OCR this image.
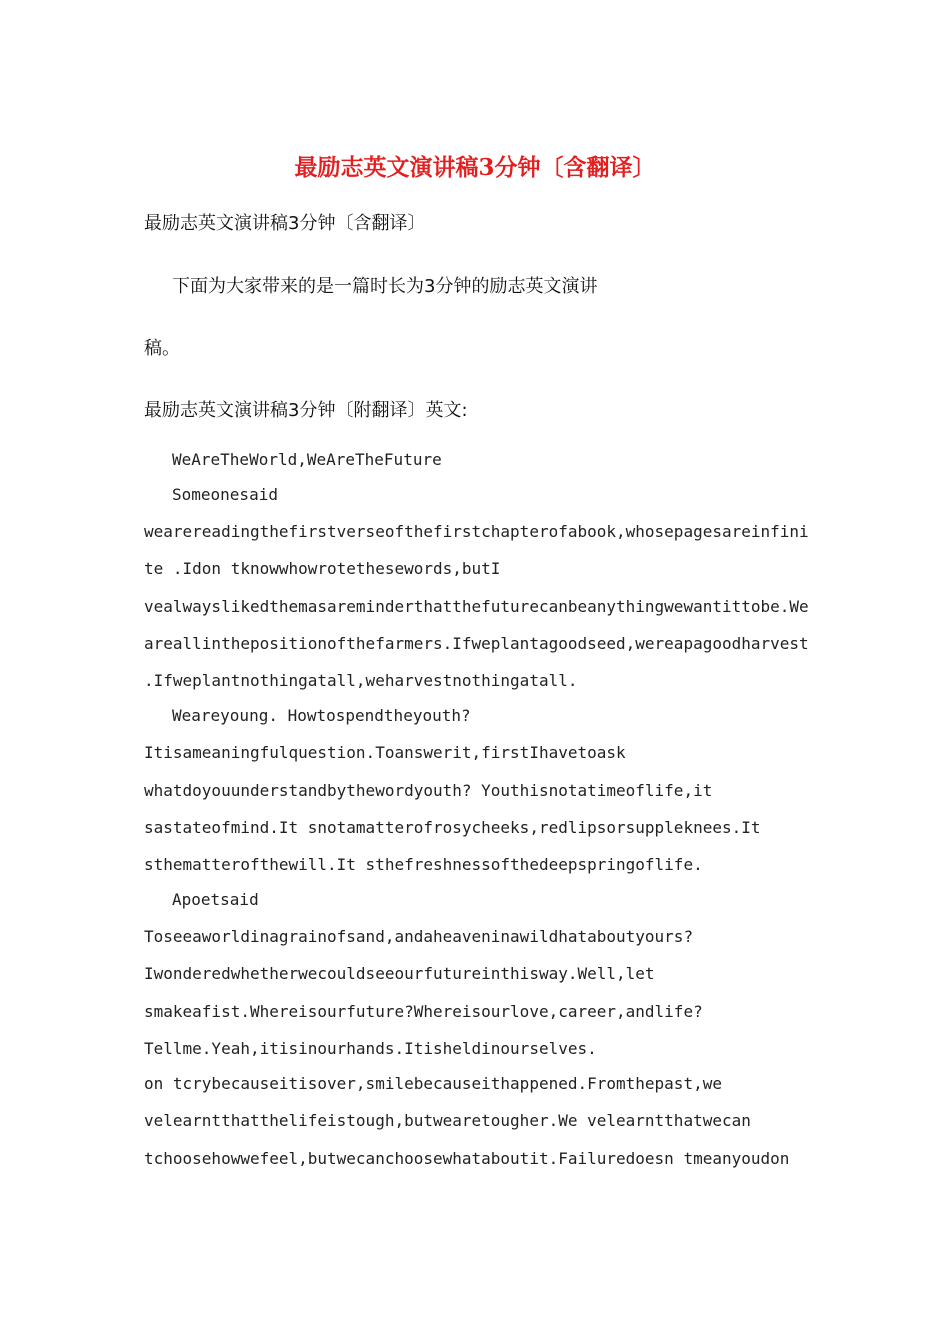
最励志英文演讲稿3分钟〔含翻译〕
最励志英文演讲稿3分钟〔含翻译〕
下面为大家带来的是一篇时长为3分钟的励志英文演讲
稿。
最励志英文演讲稿3分钟〔附翻译〕英文:
WeAreTheWorld,WeAreTheFuture
Someonesaid
wearereadingthefirstverseofthefirstchapterofabook,whosepagesareinfini
te .Idon tknowwhowrotethesewords,butI
vealwayslikedthemasareminderthatthefuturecanbeanythingwewantittobe.We
areallinthepositionofthefarmers.Ifweplantagoodseed,wereapagoodharvest
.Ifweplantnothingatall,weharvestnothingatall.
Weareyoung. Howtospendtheyouth?
Itisameaningfulquestion.Toanswerit,firstIhavetoask
whatdoyouunderstandbythewordyouth? Youthisnotatimeoflife,it
sastateofmind.It snotamatterofrosycheeks,redlipsorsuppleknees.It
sthematterofthewill.It sthefreshnessofthedeepspringoflife.
Apoetsaid
Toseeaworldinagrainofsand,andaheaveninawildhataboutyours?
Iwonderedwhetherwecouldseeourfutureinthisway.Well,let
smakeafist.Whereisourfuture?Whereisourlove,career,andlife?
Tellme.Yeah,itisinourhands.Itisheldinourselves.
on tcrybecauseitisover,smilebecauseithappened.Fromthepast,we
velearntthatthelifeistough,butwearetougher.We velearntthatwecan
tchoosehowwefeel,butwecanchoosewhataboutit.Failuredoesn tmeanyoudon
